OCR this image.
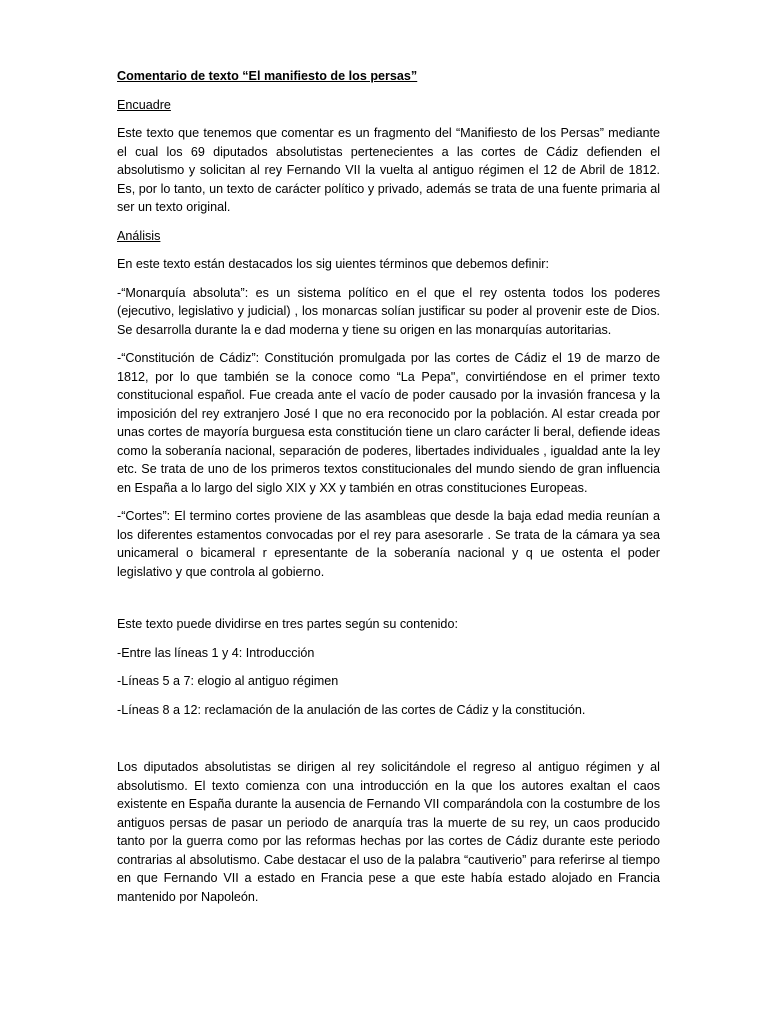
Comentario de texto “El manifiesto de los persas”

Encuadre

Este texto que tenemos que comentar es un fragmento del “Manifiesto de los Persas” mediante el cual los 69 diputados absolutistas pertenecientes a las cortes de Cádiz defienden el absolutismo y solicitan al rey Fernando VII la vuelta al antiguo régimen el 12 de Abril de 1812. Es, por lo tanto, un texto de carácter político y privado, además se trata de una fuente primaria al ser un texto original.

Análisis

En este texto están destacados los sig uientes términos que debemos definir:

-“Monarquía absoluta”: es un sistema político en el que el rey ostenta todos los poderes (ejecutivo, legislativo y judicial) , los monarcas solían justificar su poder al provenir este de Dios. Se desarrolla durante la e dad moderna y tiene su origen en las monarquías autoritarias.

-“Constitución de Cádiz”: Constitución promulgada por las cortes de Cádiz el 19 de marzo de 1812, por lo que también se la conoce como “La Pepa", convirtiéndose en el primer texto constitucional español. Fue creada ante el vacío de poder causado por la invasión francesa y la imposición del rey extranjero José I que no era reconocido por la población. Al estar creada por unas cortes de mayoría burguesa esta constitución tiene un claro carácter li beral, defiende ideas como la soberanía nacional, separación de poderes, libertades individuales , igualdad ante la ley etc. Se trata de uno de los primeros textos constitucionales del mundo siendo de gran influencia en España a lo largo del siglo XIX y XX y también en otras constituciones Europeas.

-“Cortes”: El termino cortes proviene de las asambleas que desde la baja edad media reunían a los diferentes estamentos convocadas por el rey para asesorarle . Se trata de la cámara ya sea unicameral o bicameral r epresentante de la soberanía nacional y q ue ostenta el poder legislativo y que controla al gobierno.

Este texto puede dividirse en tres partes según su contenido:

-Entre las líneas 1 y 4: Introducción

-Líneas 5 a 7: elogio al antiguo régimen

-Líneas 8 a 12: reclamación de la anulación de las cortes de Cádiz y la constitución.

Los diputados absolutistas se dirigen al rey solicitándole el regreso al antiguo régimen y al absolutismo. El texto comienza con una introducción en la que los autores exaltan el caos existente en España durante la ausencia de Fernando VII comparándola con la costumbre de los antiguos persas de pasar un periodo de anarquía tras la muerte de su rey, un caos producido tanto por la guerra como por las reformas hechas por las cortes de Cádiz durante este periodo contrarias al absolutismo. Cabe destacar el uso de la palabra “cautiverio” para referirse al tiempo en que Fernando VII a estado en Francia pese a que este había estado alojado en Francia mantenido por Napoleón.
